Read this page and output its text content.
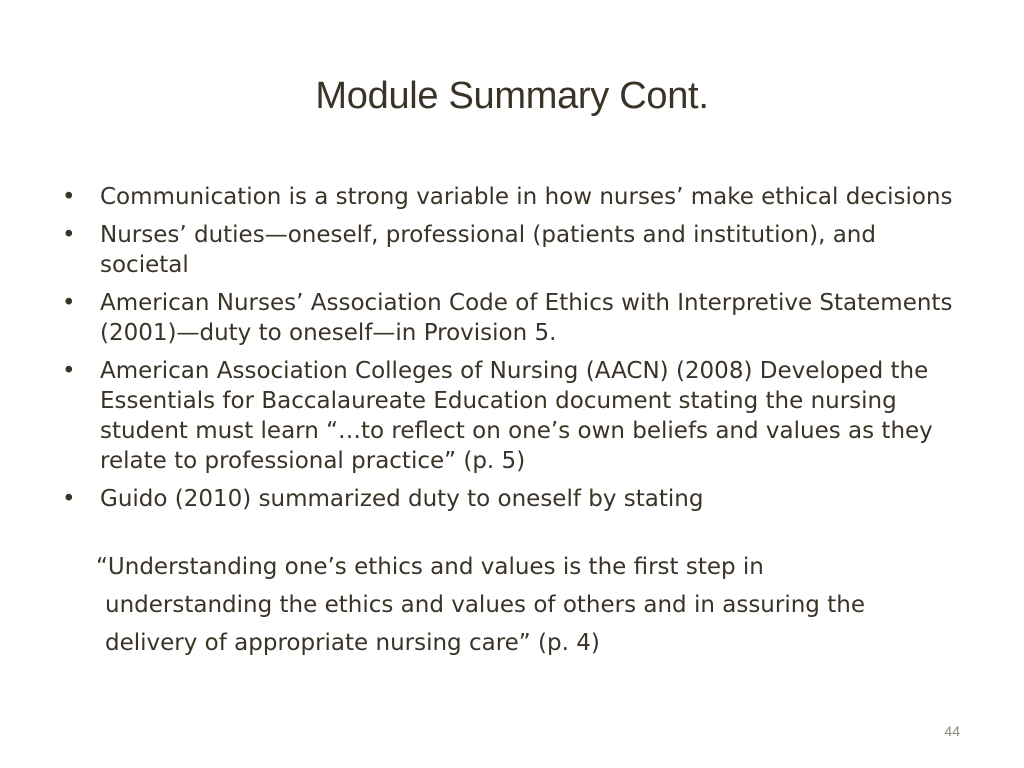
Module Summary Cont.
• Communication is a strong variable in how nurses’ make ethical decisions
• Nurses’ duties—oneself, professional (patients and institution), and societal
• American Nurses’ Association Code of Ethics with Interpretive Statements (2001)—duty to oneself—in Provision 5.
• American Association Colleges of Nursing (AACN) (2008) Developed the Essentials for Baccalaureate Education document stating the nursing student must learn “…to reflect on one’s own beliefs and values as they relate to professional practice” (p. 5)
• Guido (2010) summarized duty to oneself by stating
“Understanding one’s ethics and values is the first step in
understanding the ethics and values of others and in assuring the
delivery of appropriate nursing care” (p. 4)
44
